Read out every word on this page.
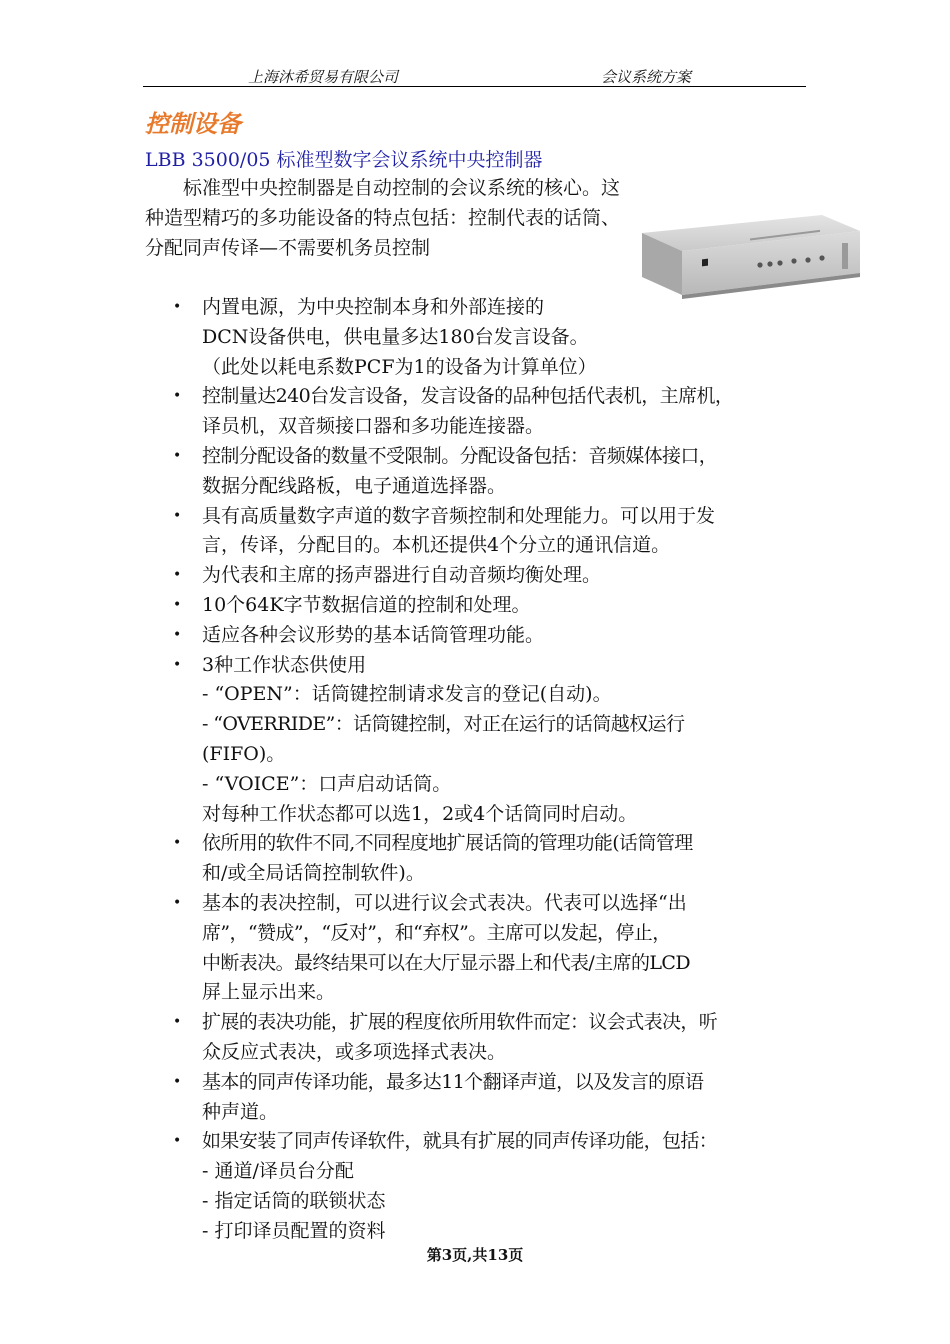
上海沐希贸易有限公司	会议系统方案
控制设备
LBB 3500/05 标准型数字会议系统中央控制器

标准型中央控制器是自动控制的会议系统的核心。这种造型精巧的多功能设备的特点包括：控制代表的话筒、分配同声传译—不需要机务员控制

• 内置电源，为中央控制本身和外部连接的
DCN设备供电，供电量多达180台发言设备。
（此处以耗电系数PCF为1的设备为计算单位）
• 控制量达240台发言设备，发言设备的品种包括代表机，主席机，
译员机，双音频接口器和多功能连接器。
• 控制分配设备的数量不受限制。分配设备包括：音频媒体接口，
数据分配线路板，电子通道选择器。
• 具有高质量数字声道的数字音频控制和处理能力。可以用于发
言，传译，分配目的。本机还提供4个分立的通讯信道。
• 为代表和主席的扬声器进行自动音频均衡处理。
• 10个64K字节数据信道的控制和处理。
• 适应各种会议形势的基本话筒管理功能。
• 3种工作状态供使用
- “OPEN”：话筒键控制请求发言的登记(自动)。
- “OVERRIDE”：话筒键控制，对正在运行的话筒越权运行
(FIFO)。
- “VOICE”：口声启动话筒。
对每种工作状态都可以选1，2或4个话筒同时启动。
• 依所用的软件不同,不同程度地扩展话筒的管理功能(话筒管理
和/或全局话筒控制软件)。
• 基本的表决控制，可以进行议会式表决。代表可以选择“出
席”，“赞成”，“反对”，和“弃权”。主席可以发起，停止，
中断表决。最终结果可以在大厅显示器上和代表/主席的LCD
屏上显示出来。
• 扩展的表决功能，扩展的程度依所用软件而定：议会式表决，听
众反应式表决，或多项选择式表决。
• 基本的同声传译功能，最多达11个翻译声道，以及发言的原语
种声道。
• 如果安装了同声传译软件，就具有扩展的同声传译功能，包括：
- 通道/译员台分配
- 指定话筒的联锁状态
- 打印译员配置的资料
第3页,共13页
